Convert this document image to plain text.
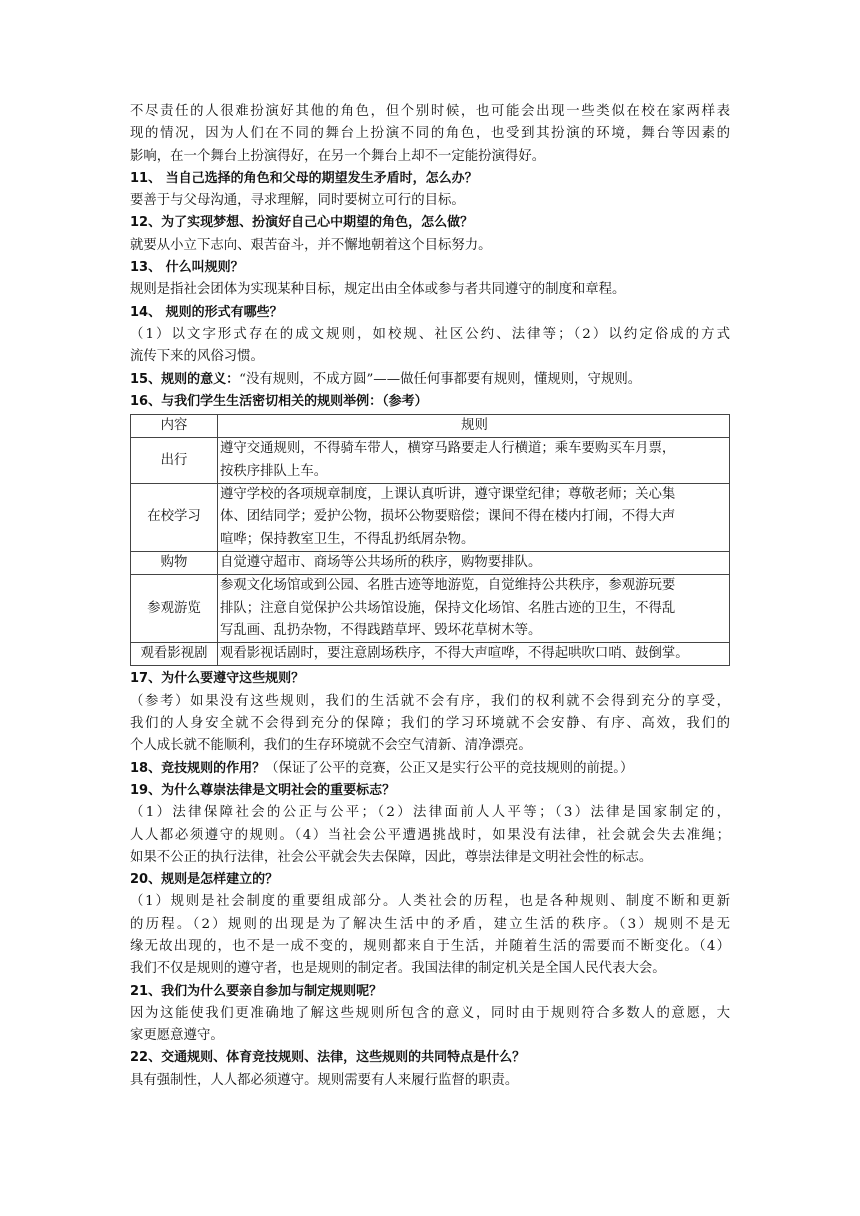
不尽责任的人很难扮演好其他的角色，但个别时候，也可能会出现一些类似在校在家两样表
现的情况，因为人们在不同的舞台上扮演不同的角色，也受到其扮演的环境，舞台等因素的
影响，在一个舞台上扮演得好，在另一个舞台上却不一定能扮演得好。
11、 当自己选择的角色和父母的期望发生矛盾时，怎么办？
要善于与父母沟通，寻求理解，同时要树立可行的目标。
12、为了实现梦想、扮演好自己心中期望的角色，怎么做？
就要从小立下志向、艰苦奋斗，并不懈地朝着这个目标努力。
13、 什么叫规则？
规则是指社会团体为实现某种目标，规定出由全体或参与者共同遵守的制度和章程。
14、 规则的形式有哪些？
（1）以文字形式存在的成文规则，如校规、社区公约、法律等；（2）以约定俗成的方式
流传下来的风俗习惯。
15、规则的意义：“没有规则，不成方圆”——做任何事都要有规则，懂规则，守规则。
16、与我们学生生活密切相关的规则举例：（参考）
内容	规则
出行	遵守交通规则，不得骑车带人，横穿马路要走人行横道；乘车要购买车月票，
按秩序排队上车。

在校学习	遵守学校的各项规章制度，上课认真听讲，遵守课堂纪律；尊敬老师；关心集
体、团结同学；爱护公物，损坏公物要赔偿；课间不得在楼内打闹，不得大声
喧哗；保持教室卫生，不得乱扔纸屑杂物。

购物	自觉遵守超市、商场等公共场所的秩序，购物要排队。

参观游览	参观文化场馆或到公园、名胜古迹等地游览，自觉维持公共秩序，参观游玩要
排队；注意自觉保护公共场馆设施，保持文化场馆、名胜古迹的卫生，不得乱
写乱画、乱扔杂物，不得践踏草坪、毁坏花草树木等。

观看影视剧	观看影视话剧时，要注意剧场秩序，不得大声喧哗，不得起哄吹口哨、鼓倒掌。
17、为什么要遵守这些规则？
（参考）如果没有这些规则，我们的生活就不会有序，我们的权利就不会得到充分的享受，
我们的人身安全就不会得到充分的保障；我们的学习环境就不会安静、有序、高效，我们的
个人成长就不能顺利，我们的生存环境就不会空气清新、清净漂亮。
18、竞技规则的作用？（保证了公平的竞赛，公正又是实行公平的竞技规则的前提。）
19、为什么尊崇法律是文明社会的重要标志？
（1）法律保障社会的公正与公平；（2）法律面前人人平等；（3）法律是国家制定的，
人人都必须遵守的规则。（4）当社会公平遭遇挑战时，如果没有法律，社会就会失去准绳；
如果不公正的执行法律，社会公平就会失去保障，因此，尊崇法律是文明社会性的标志。
20、规则是怎样建立的？
（1）规则是社会制度的重要组成部分。人类社会的历程，也是各种规则、制度不断和更新
的历程。（2）规则的出现是为了解决生活中的矛盾，建立生活的秩序。（3）规则不是无
缘无故出现的，也不是一成不变的，规则都来自于生活，并随着生活的需要而不断变化。（4）
我们不仅是规则的遵守者，也是规则的制定者。我国法律的制定机关是全国人民代表大会。
21、我们为什么要亲自参加与制定规则呢？
因为这能使我们更准确地了解这些规则所包含的意义，同时由于规则符合多数人的意愿，大
家更愿意遵守。
22、交通规则、体育竞技规则、法律，这些规则的共同特点是什么？
具有强制性，人人都必须遵守。规则需要有人来履行监督的职责。
